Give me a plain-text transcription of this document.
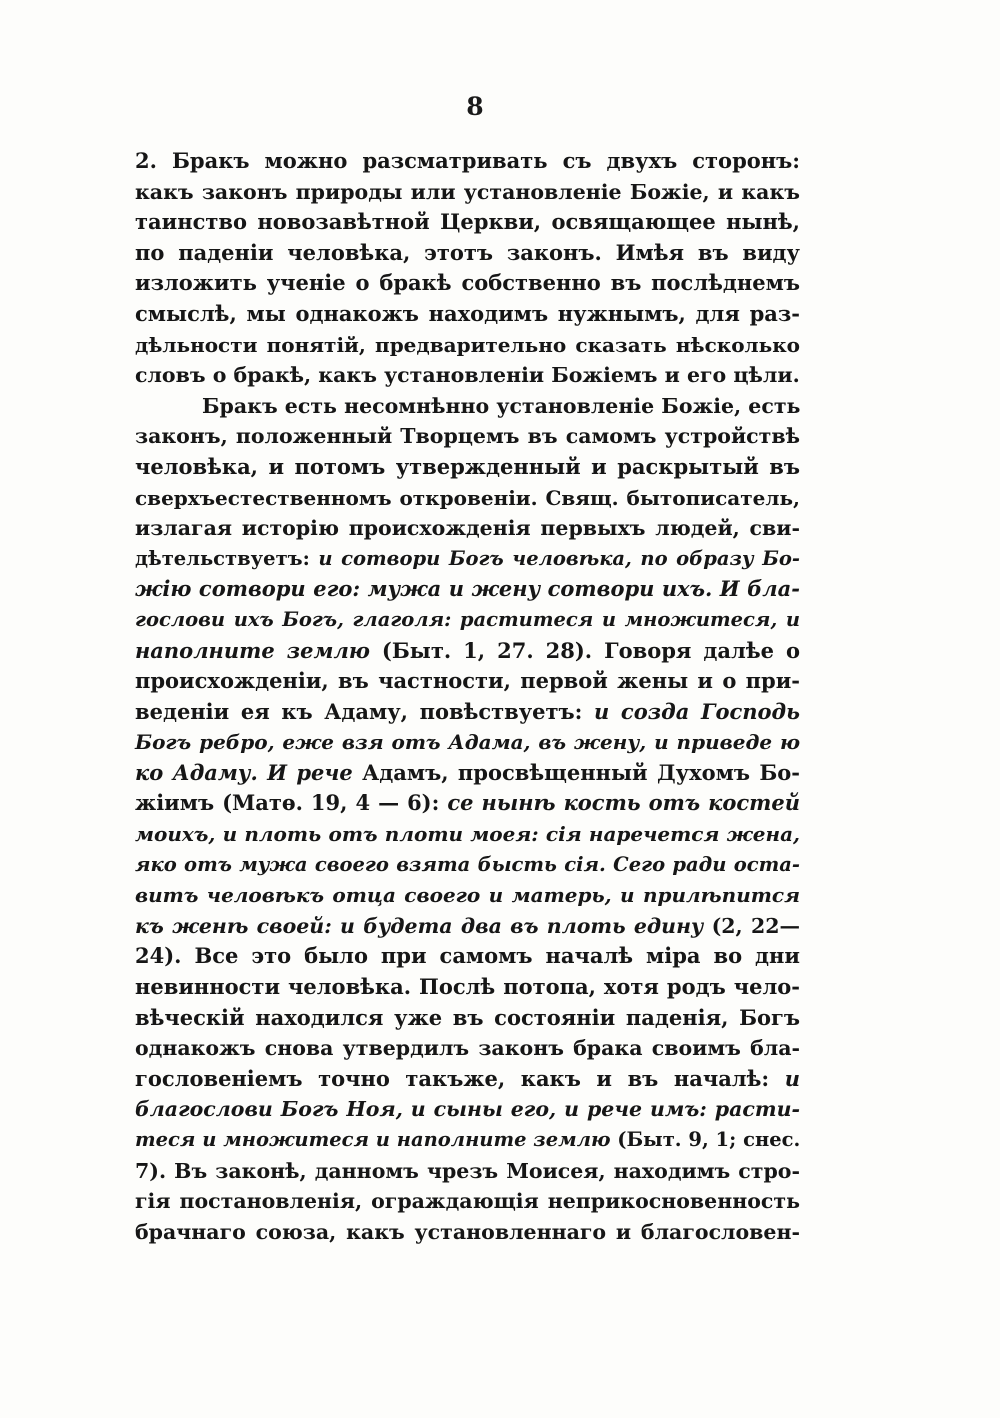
8
2. Бракъ можно разсматривать съ двухъ сторонъ:
какъ законъ природы или установленіе Божіе, и какъ
таинство новозавѣтной Церкви, освящающее нынѣ,
по паденіи человѣка, этотъ законъ. Имѣя въ виду
изложить ученіе о бракѣ собственно въ послѣднемъ
смыслѣ, мы однакожъ находимъ нужнымъ, для раз-
дѣльности понятій, предварительно сказать нѣсколько
словъ о бракѣ, какъ установленіи Божіемъ и его цѣли.
Бракъ есть несомнѣнно установленіе Божіе, есть
законъ, положенный Творцемъ въ самомъ устройствѣ
человѣка, и потомъ утвержденный и раскрытый въ
сверхъестественномъ откровеніи. Свящ. бытописатель,
излагая исторію происхожденія первыхъ людей, сви-
дѣтельствуетъ: и сотвори Богъ человѣка, по образу Бо-
жію сотвори его: мужа и жену сотвори ихъ. И бла-
гослови ихъ Богъ, глаголя: раститеся и множитеся, и
наполните землю (Быт. 1, 27. 28). Говоря далѣе о
происхожденіи, въ частности, первой жены и о при-
веденіи ея къ Адаму, повѣствуетъ: и созда Господь
Богъ ребро, еже взя отъ Адама, въ жену, и приведе ю
ко Адаму. И рече Адамъ, просвѣщенный Духомъ Бо-
жіимъ (Матѳ. 19, 4 — 6): се нынѣ кость отъ костей
моихъ, и плоть отъ плоти моея: сія наречется жена,
яко отъ мужа своего взята бысть сія. Сего ради оста-
витъ человѣкъ отца своего и матерь, и прилѣпится
къ женѣ своей: и будета два въ плоть едину (2, 22—
24). Все это было при самомъ началѣ міра во дни
невинности человѣка. Послѣ потопа, хотя родъ чело-
вѣческій находился уже въ состояніи паденія, Богъ
однакожъ снова утвердилъ законъ брака своимъ бла-
гословеніемъ точно такъже, какъ и въ началѣ: и
благослови Богъ Ноя, и сыны его, и рече имъ: расти-
теся и множитеся и наполните землю (Быт. 9, 1; снес.
7). Въ законѣ, данномъ чрезъ Моисея, находимъ стро-
гія постановленія, ограждающія неприкосновенность
брачнаго союза, какъ установленнаго и благословен-
